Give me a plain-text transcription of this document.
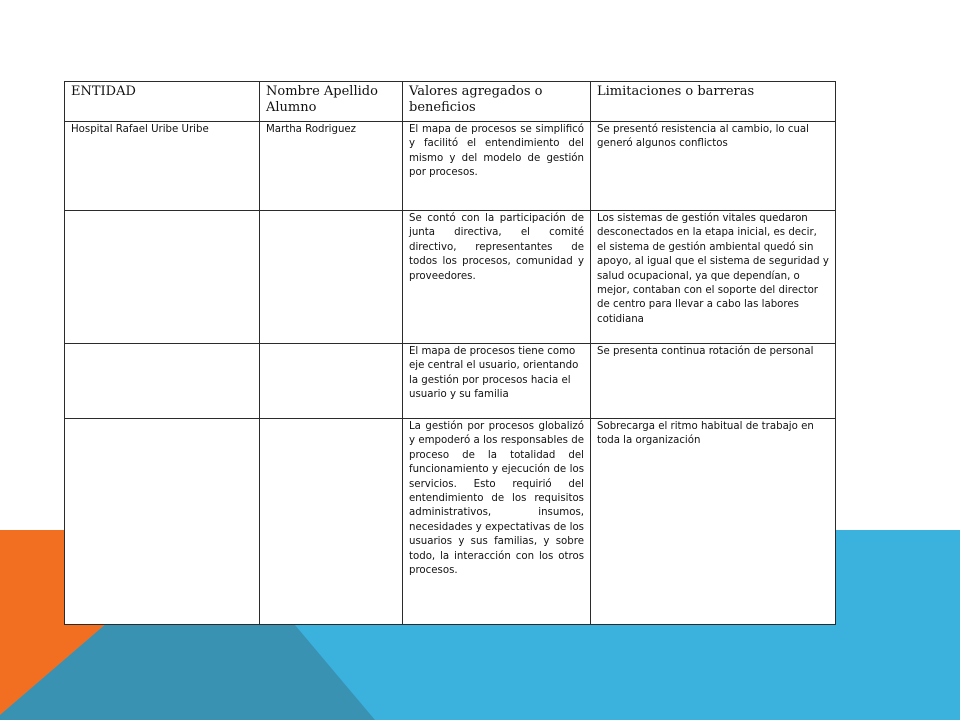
ENTIDAD	Nombre Apellido Alumno	Valores agregados o beneficios	Limitaciones o barreras
Hospital Rafael Uribe Uribe	Martha Rodriguez	El mapa de procesos se simplificó y facilitó el entendimiento del mismo y del modelo de gestión por procesos.	Se presentó resistencia al cambio, lo cual generó algunos conflictos
		Se contó con la participación de junta directiva, el comité directivo, representantes de todos los procesos, comunidad y proveedores.	Los sistemas de gestión vitales quedaron desconectados en la etapa inicial, es decir, el sistema de gestión ambiental quedó sin apoyo, al igual que el sistema de seguridad y salud ocupacional, ya que dependían, o mejor, contaban con el soporte del director de centro para llevar a cabo las labores cotidiana
		El mapa de procesos tiene como eje central el usuario, orientando la gestión por procesos hacia el usuario y su familia	Se presenta continua rotación de personal
		La gestión por procesos globalizó y empoderó a los responsables de proceso de la totalidad del funcionamiento y ejecución de los servicios. Esto requirió del entendimiento de los requisitos administrativos, insumos, necesidades y expectativas de los usuarios y sus familias, y sobre todo, la interacción con los otros procesos.	Sobrecarga el ritmo habitual de trabajo en toda la organización
